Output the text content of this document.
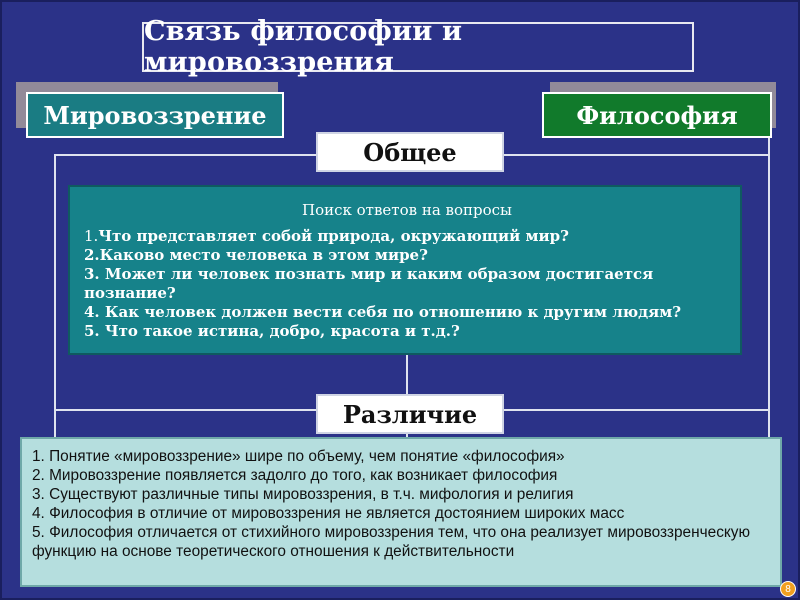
Связь философии и мировоззрения
Мировоззрение	Философия
Общее
Поиск ответов на вопросы
1.Что представляет собой природа, окружающий мир?
2.Каково место человека в этом мире?
3. Может ли человек познать мир и каким образом достигается познание?
4. Как человек должен вести себя по отношению к другим людям?
5. Что такое истина, добро, красота и т.д.?
Различие
1. Понятие «мировоззрение» шире по объему, чем понятие «философия»
2. Мировоззрение появляется задолго до того, как возникает философия
3. Существуют различные типы мировоззрения, в т.ч. мифология и религия
4. Философия в отличие от мировоззрения не является достоянием широких масс
5. Философия отличается от стихийного мировоззрения тем, что она реализует мировоззренческую функцию на основе теоретического отношения к действительности
8
